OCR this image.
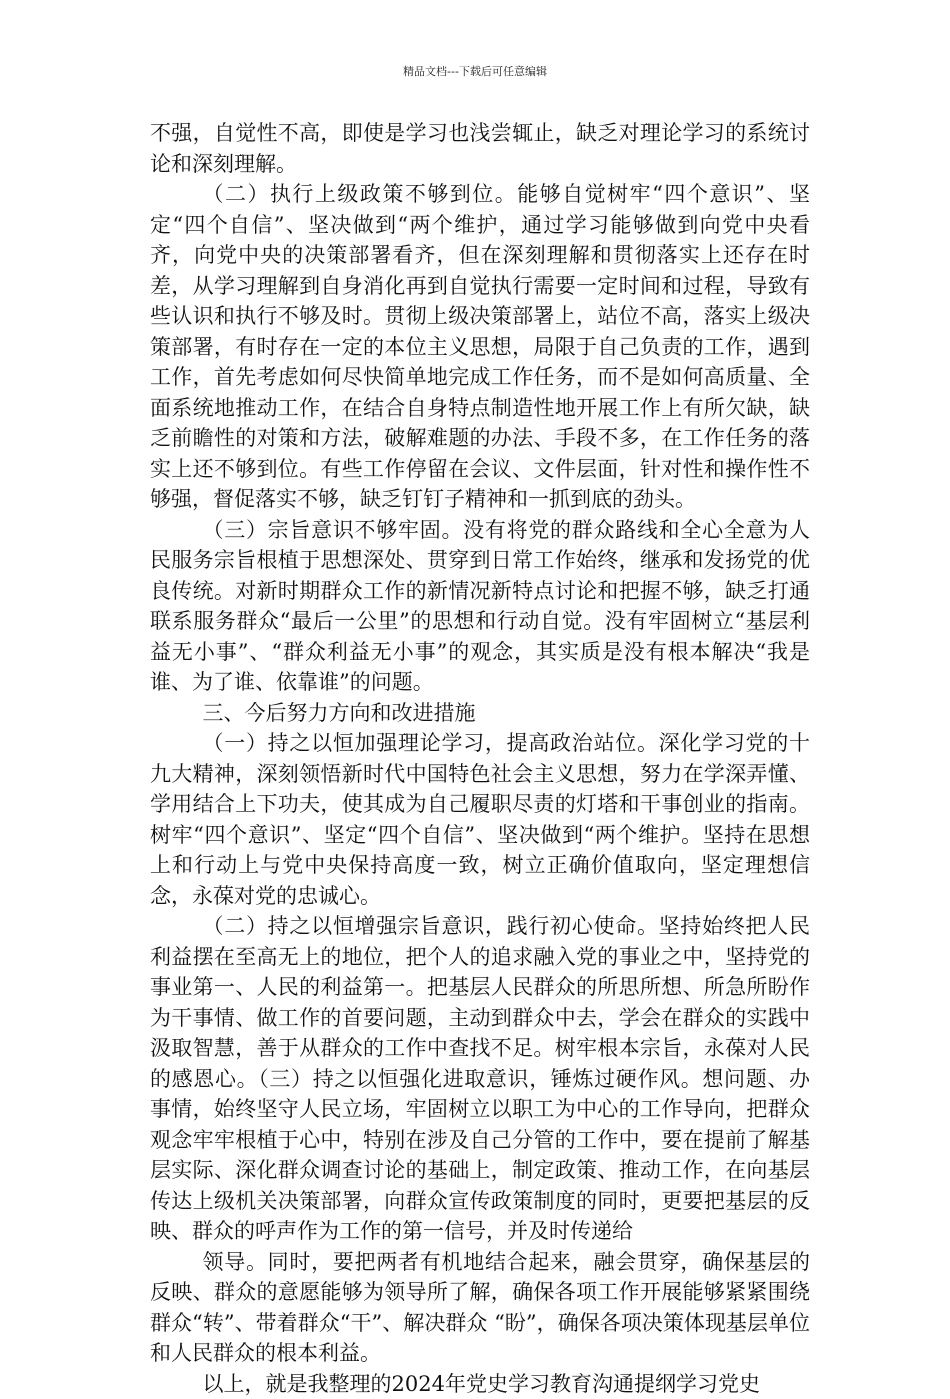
精品文档---下载后可任意编辑

不强，自觉性不高，即使是学习也浅尝辄止，缺乏对理论学习的系统讨论和深刻理解。

（二）执行上级政策不够到位。能够自觉树牢“四个意识”、坚定“四个自信”、坚决做到“两个维护，通过学习能够做到向党中央看齐，向党中央的决策部署看齐，但在深刻理解和贯彻落实上还存在时差，从学习理解到自身消化再到自觉执行需要一定时间和过程，导致有些认识和执行不够及时。贯彻上级决策部署上，站位不高，落实上级决策部署，有时存在一定的本位主义思想，局限于自己负责的工作，遇到工作，首先考虑如何尽快简单地完成工作任务，而不是如何高质量、全面系统地推动工作，在结合自身特点制造性地开展工作上有所欠缺，缺乏前瞻性的对策和方法，破解难题的办法、手段不多，在工作任务的落实上还不够到位。有些工作停留在会议、文件层面，针对性和操作性不够强，督促落实不够，缺乏钉钉子精神和一抓到底的劲头。

（三）宗旨意识不够牢固。没有将党的群众路线和全心全意为人民服务宗旨根植于思想深处、贯穿到日常工作始终，继承和发扬党的优良传统。对新时期群众工作的新情况新特点讨论和把握不够，缺乏打通联系服务群众“最后一公里”的思想和行动自觉。没有牢固树立“基层利益无小事”、“群众利益无小事”的观念，其实质是没有根本解决“我是谁、为了谁、依靠谁”的问题。

三、今后努力方向和改进措施

（一）持之以恒加强理论学习，提高政治站位。深化学习党的十九大精神，深刻领悟新时代中国特色社会主义思想，努力在学深弄懂、学用结合上下功夫，使其成为自己履职尽责的灯塔和干事创业的指南。树牢“四个意识”、坚定“四个自信”、坚决做到“两个维护。坚持在思想上和行动上与党中央保持高度一致，树立正确价值取向，坚定理想信念，永葆对党的忠诚心。

（二）持之以恒增强宗旨意识，践行初心使命。坚持始终把人民利益摆在至高无上的地位，把个人的追求融入党的事业之中，坚持党的事业第一、人民的利益第一。把基层人民群众的所思所想、所急所盼作为干事情、做工作的首要问题，主动到群众中去，学会在群众的实践中汲取智慧，善于从群众的工作中查找不足。树牢根本宗旨，永葆对人民的感恩心。（三）持之以恒强化进取意识，锤炼过硬作风。想问题、办事情，始终坚守人民立场，牢固树立以职工为中心的工作导向，把群众观念牢牢根植于心中，特别在涉及自己分管的工作中，要在提前了解基层实际、深化群众调查讨论的基础上，制定政策、推动工作，在向基层传达上级机关决策部署，向群众宣传政策制度的同时，更要把基层的反映、群众的呼声作为工作的第一信号，并及时传递给

领导。同时，要把两者有机地结合起来，融会贯穿，确保基层的反映、群众的意愿能够为领导所了解，确保各项工作开展能够紧紧围绕群众“转”、带着群众“干”、解决群众 “盼”，确保各项决策体现基层单位和人民群众的根本利益。

以上，就是我整理的2024年党史学习教育沟通提纲学习党史
